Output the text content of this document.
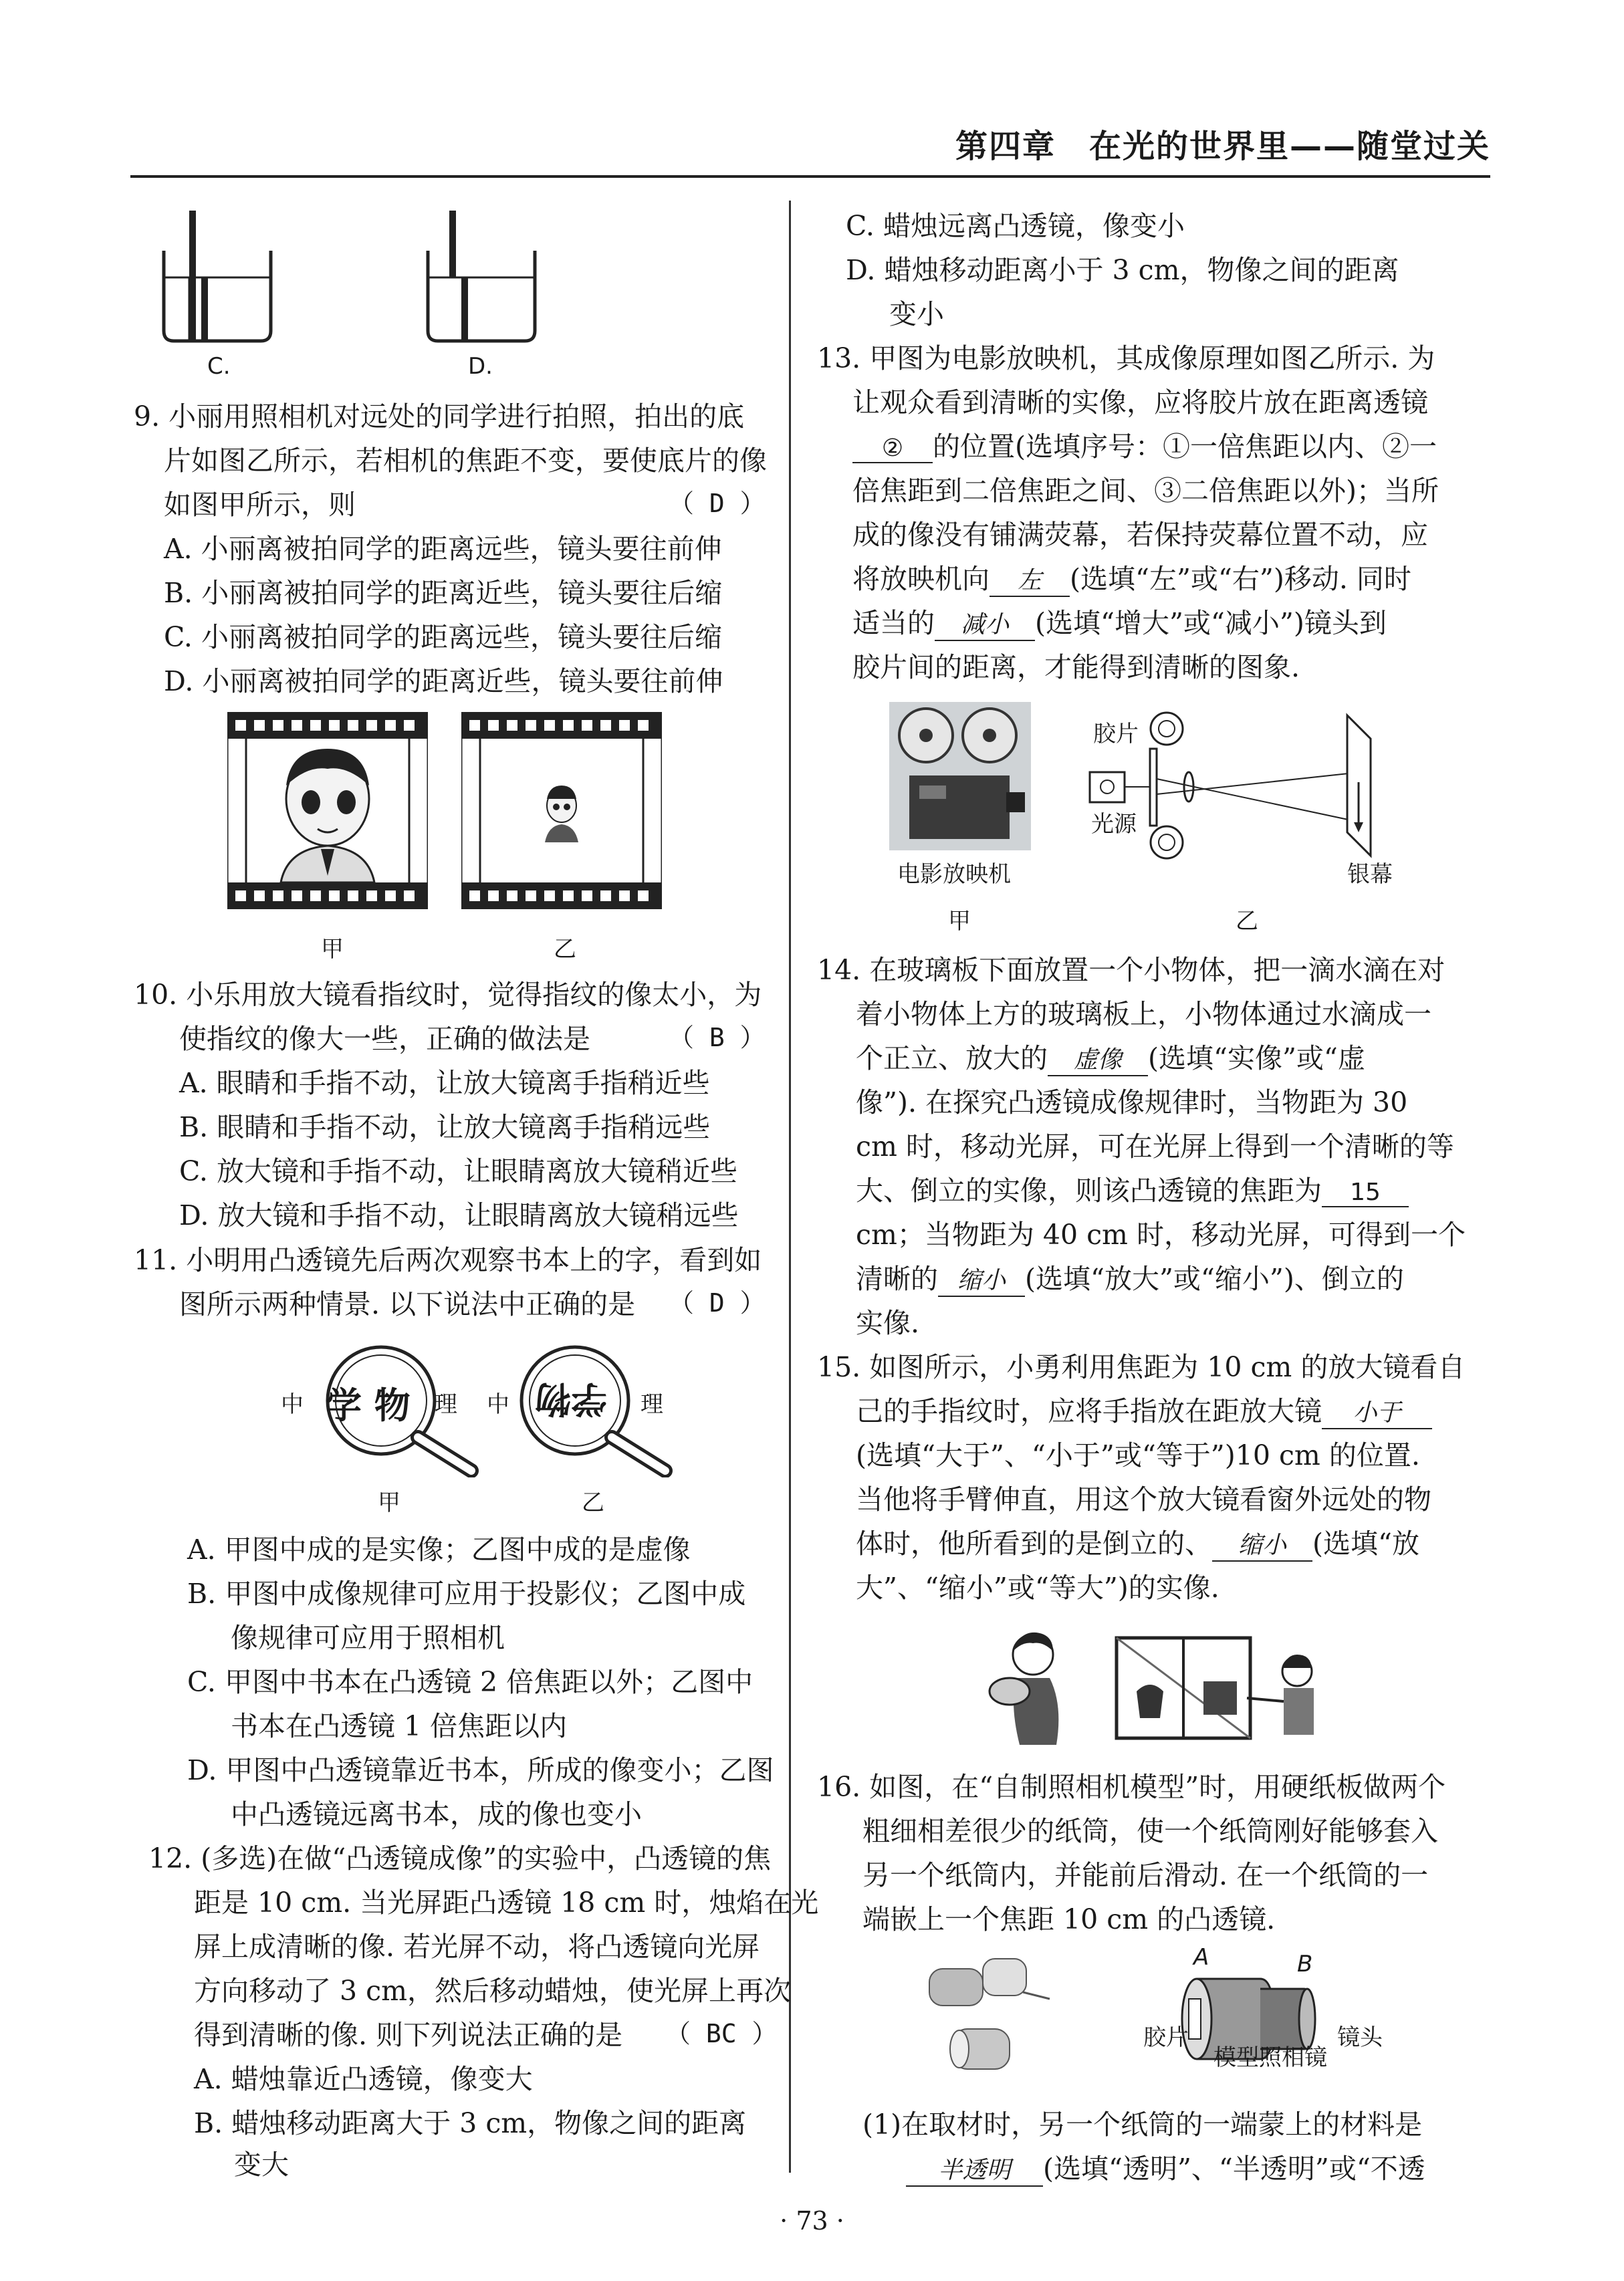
第四章　在光的世界里——随堂过关
C.	D.
9. 小丽用照相机对远处的同学进行拍照，拍出的底
片如图乙所示，若相机的焦距不变，要使底片的像
如图甲所示，则	（ D ）
A. 小丽离被拍同学的距离远些，镜头要往前伸
B. 小丽离被拍同学的距离近些，镜头要往后缩
C. 小丽离被拍同学的距离远些，镜头要往后缩
D. 小丽离被拍同学的距离近些，镜头要往前伸
甲	乙
10. 小乐用放大镜看指纹时，觉得指纹的像太小，为
使指纹的像大一些，正确的做法是	（ B ）
A. 眼睛和手指不动，让放大镜离手指稍近些
B. 眼睛和手指不动，让放大镜离手指稍远些
C. 放大镜和手指不动，让眼睛离放大镜稍近些
D. 放大镜和手指不动，让眼睛离放大镜稍远些
11. 小明用凸透镜先后两次观察书本上的字，看到如
图所示两种情景. 以下说法中正确的是 （ D ）
中 学 物 理 中 学物 理
甲	乙
A. 甲图中成的是实像；乙图中成的是虚像
B. 甲图中成像规律可应用于投影仪；乙图中成
像规律可应用于照相机
C. 甲图中书本在凸透镜 2 倍焦距以外；乙图中
书本在凸透镜 1 倍焦距以内
D. 甲图中凸透镜靠近书本，所成的像变小；乙图
中凸透镜远离书本，成的像也变小
12. (多选)在做“凸透镜成像”的实验中，凸透镜的焦
距是 10 cm. 当光屏距凸透镜 18 cm 时，烛焰在光
屏上成清晰的像. 若光屏不动，将凸透镜向光屏
方向移动了 3 cm，然后移动蜡烛，使光屏上再次
得到清晰的像. 则下列说法正确的是 （ BC ）
A. 蜡烛靠近凸透镜，像变大
B. 蜡烛移动距离大于 3 cm，物像之间的距离
变大
C. 蜡烛远离凸透镜，像变小
D. 蜡烛移动距离小于 3 cm，物像之间的距离
变小
13. 甲图为电影放映机，其成像原理如图乙所示. 为
让观众看到清晰的实像，应将胶片放在距离透镜
② 的位置(选填序号：①一倍焦距以内、②一
倍焦距到二倍焦距之间、③二倍焦距以外)；当所
成的像没有铺满荧幕，若保持荧幕位置不动，应
将放映机向 左 (选填“左”或“右”)移动. 同时
适当的 减小 (选填“增大”或“减小”)镜头到
胶片间的距离，才能得到清晰的图象.
电影放映机
胶片
光源
银幕
甲	乙
14. 在玻璃板下面放置一个小物体，把一滴水滴在对
着小物体上方的玻璃板上，小物体通过水滴成一
个正立、放大的 虚像 (选填“实像”或“虚
像”). 在探究凸透镜成像规律时，当物距为 30
cm 时，移动光屏，可在光屏上得到一个清晰的等
大、倒立的实像，则该凸透镜的焦距为 15
cm；当物距为 40 cm 时，移动光屏，可得到一个
清晰的 缩小 (选填“放大”或“缩小”)、倒立的
实像.
15. 如图所示，小勇利用焦距为 10 cm 的放大镜看自
己的手指纹时，应将手指放在距放大镜 小于
(选填“大于”、“小于”或“等于”)10 cm 的位置.
当他将手臂伸直，用这个放大镜看窗外远处的物
体时，他所看到的是倒立的、 缩小 (选填“放
大”、“缩小”或“等大”)的实像.
16. 如图，在“自制照相机模型”时，用硬纸板做两个
粗细相差很少的纸筒，使一个纸筒刚好能够套入
另一个纸筒内，并能前后滑动. 在一个纸筒的一
端嵌上一个焦距 10 cm 的凸透镜.
A	B
胶片	镜头
模型照相镜
(1)在取材时，另一个纸筒的一端蒙上的材料是
半透明 (选填“透明”、“半透明”或“不透
· 73 ·
